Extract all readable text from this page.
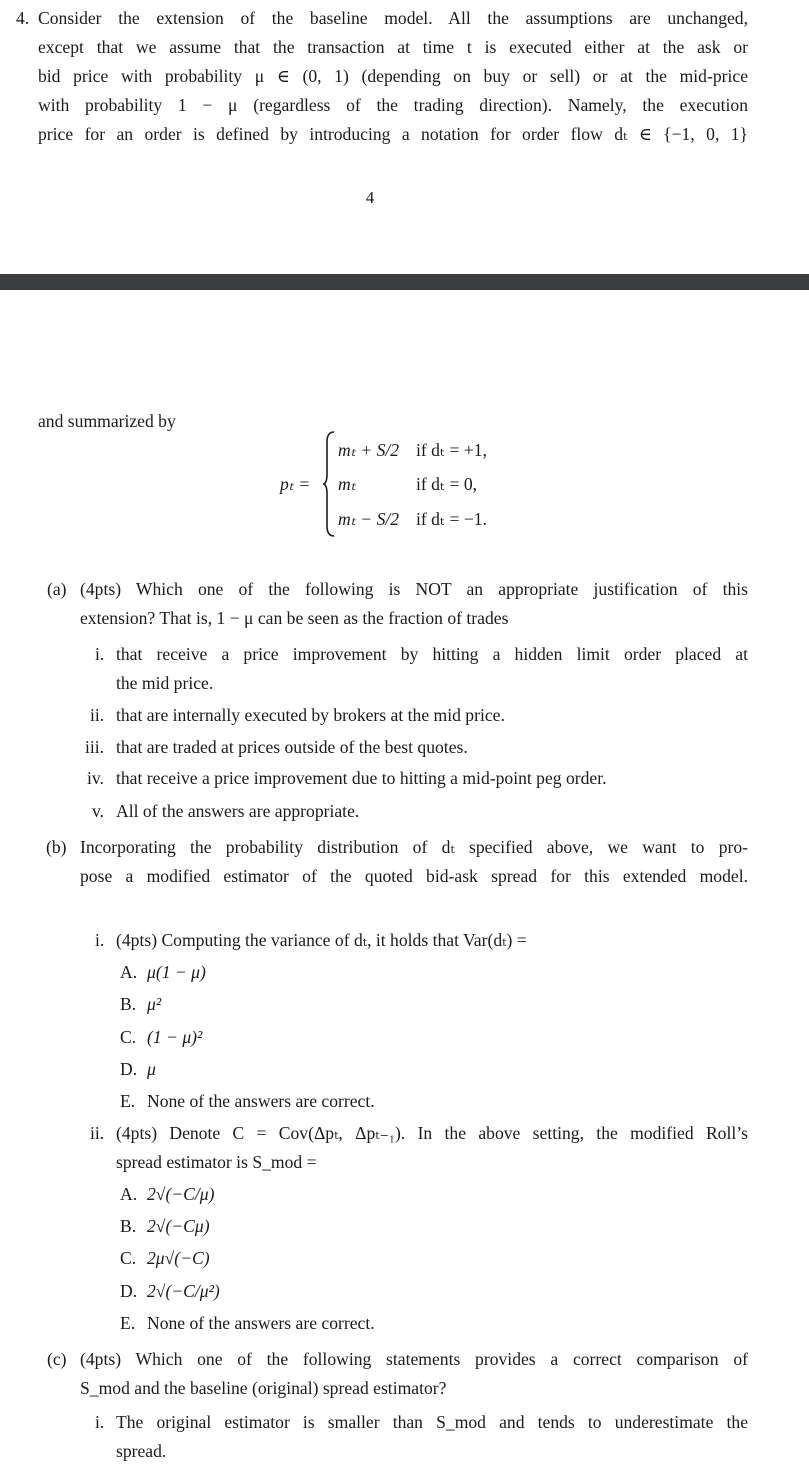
4. Consider the extension of the baseline model. All the assumptions are unchanged,
except that we assume that the transaction at time t is executed either at the ask or
bid price with probability μ ∈ (0, 1) (depending on buy or sell) or at the mid-price
with probability 1 − μ (regardless of the trading direction). Namely, the execution
price for an order is defined by introducing a notation for order flow dₜ ∈ {−1, 0, 1}
4
and summarized by
pₜ =
mₜ + S/2 if dₜ = +1,
mₜ	if dₜ = 0,
mₜ − S/2 if dₜ = −1.
(a) (4pts) Which one of the following is NOT an appropriate justification of this
extension? That is, 1 − μ can be seen as the fraction of trades
i. that receive a price improvement by hitting a hidden limit order placed at
the mid price.
ii. that are internally executed by brokers at the mid price.
iii. that are traded at prices outside of the best quotes.
iv. that receive a price improvement due to hitting a mid-point peg order.
v. All of the answers are appropriate.
(b) Incorporating the probability distribution of dₜ specified above, we want to pro-
pose a modified estimator of the quoted bid-ask spread for this extended model.
i. (4pts) Computing the variance of dₜ, it holds that Var(dₜ) =
A. μ(1 − μ)
B. μ²
C. (1 − μ)²
D. μ
E. None of the answers are correct.
ii. (4pts) Denote C = Cov(Δpₜ, Δpₜ₋₁). In the above setting, the modified Roll’s
spread estimator is S_mod =
A. 2√(−C/μ)
B. 2√(−Cμ)
C. 2μ√(−C)
D. 2√(−C/μ²)
E. None of the answers are correct.
(c) (4pts) Which one of the following statements provides a correct comparison of
S_mod and the baseline (original) spread estimator?
i. The original estimator is smaller than S_mod and tends to underestimate the
spread.
